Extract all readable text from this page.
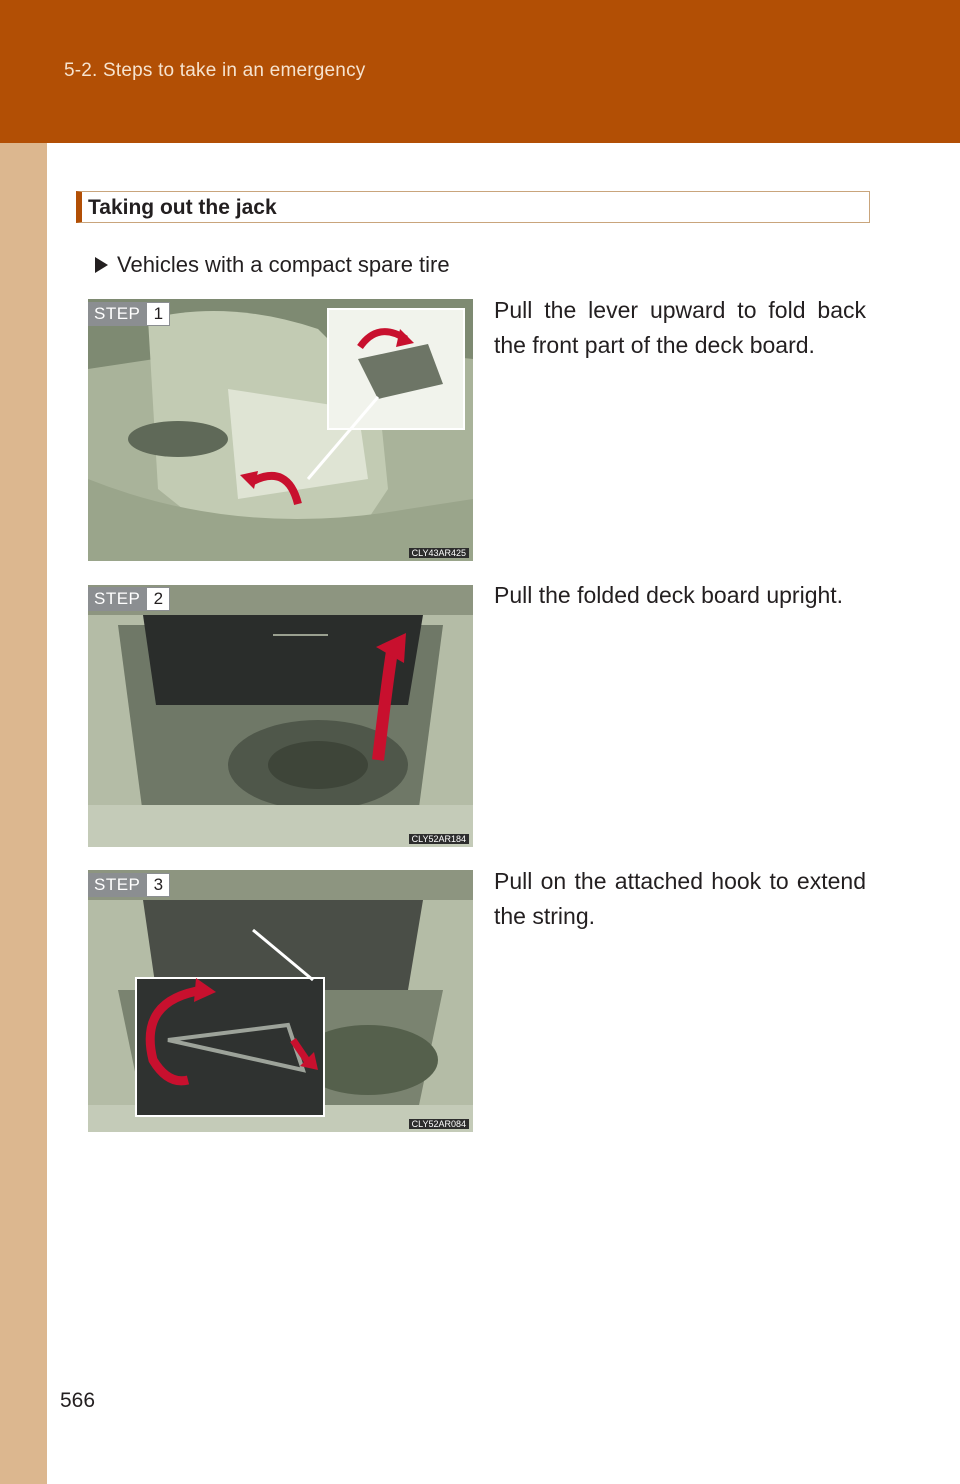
5-2. Steps to take in an emergency
Taking out the jack
Vehicles with a compact spare tire
CLY43AR425
STEP 1	Pull the lever upward to fold back the front part of the deck board.
CLY52AR184
STEP 2	Pull the folded deck board upright.
CLY52AR084
STEP 3	Pull on the attached hook to extend the string.
566
